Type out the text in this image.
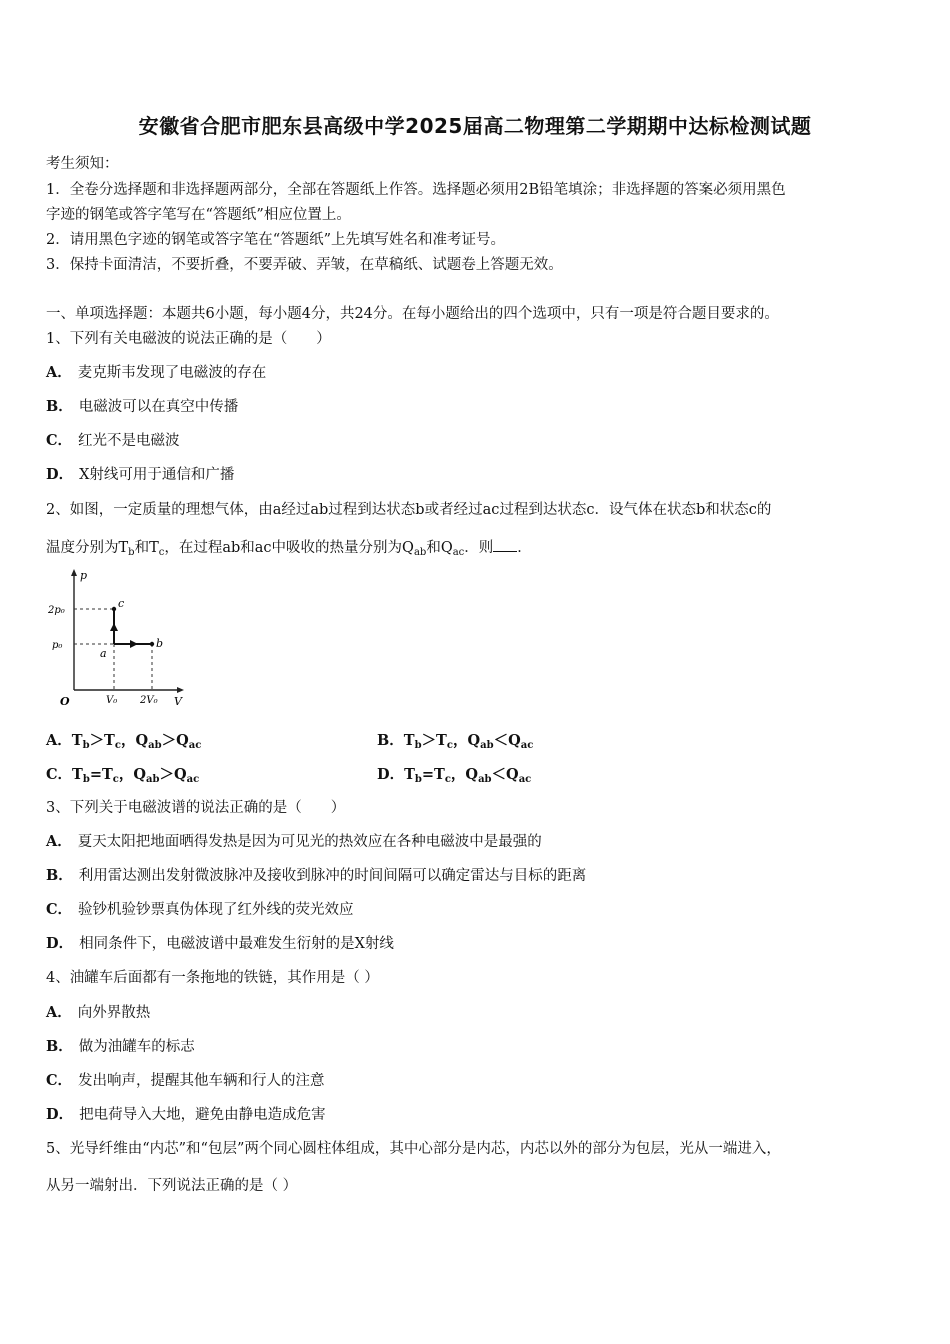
安徽省合肥市肥东县高级中学2025届高二物理第二学期期中达标检测试题
考生须知：
1．全卷分选择题和非选择题两部分，全部在答题纸上作答。选择题必须用2B铅笔填涂；非选择题的答案必须用黑色
字迹的钢笔或答字笔写在“答题纸”相应位置上。
2．请用黑色字迹的钢笔或答字笔在“答题纸”上先填写姓名和准考证号。
3．保持卡面清洁，不要折叠，不要弄破、弄皱，在草稿纸、试题卷上答题无效。
一、单项选择题：本题共6小题，每小题4分，共24分。在每小题给出的四个选项中，只有一项是符合题目要求的。
1、下列有关电磁波的说法正确的是（　　）
A． 麦克斯韦发现了电磁波的存在
B． 电磁波可以在真空中传播
C． 红光不是电磁波
D． X射线可用于通信和广播
2、如图，一定质量的理想气体，由a经过ab过程到达状态b或者经过ac过程到达状态c．设气体在状态b和状态c的
温度分别为$T_b$和$T_c$，在过程ab和ac中吸收的热量分别为$Q_{ab}$和$Q_{ac}$．则 ．
p
V
O
2p₀
p₀
V₀ 2V₀
a
b
c
A．$T_b>T_c$，$Q_{ab}>Q_{ac}$	B．$T_b>T_c$，$Q_{ab}<Q_{ac}$
C．$T_b=T_c$，$Q_{ab}>Q_{ac}$	D．$T_b=T_c$，$Q_{ab}<Q_{ac}$
3、下列关于电磁波谱的说法正确的是（　　）
A． 夏天太阳把地面晒得发热是因为可见光的热效应在各种电磁波中是最强的
B． 利用雷达测出发射微波脉冲及接收到脉冲的时间间隔可以确定雷达与目标的距离
C． 验钞机验钞票真伪体现了红外线的荧光效应
D． 相同条件下，电磁波谱中最难发生衍射的是X射线
4、油罐车后面都有一条拖地的铁链，其作用是（ ）
A． 向外界散热
B． 做为油罐车的标志
C． 发出响声，提醒其他车辆和行人的注意
D． 把电荷导入大地，避免由静电造成危害
5、光导纤维由“内芯”和“包层”两个同心圆柱体组成，其中心部分是内芯，内芯以外的部分为包层，光从一端进入，
从另一端射出．下列说法正确的是（ ）
